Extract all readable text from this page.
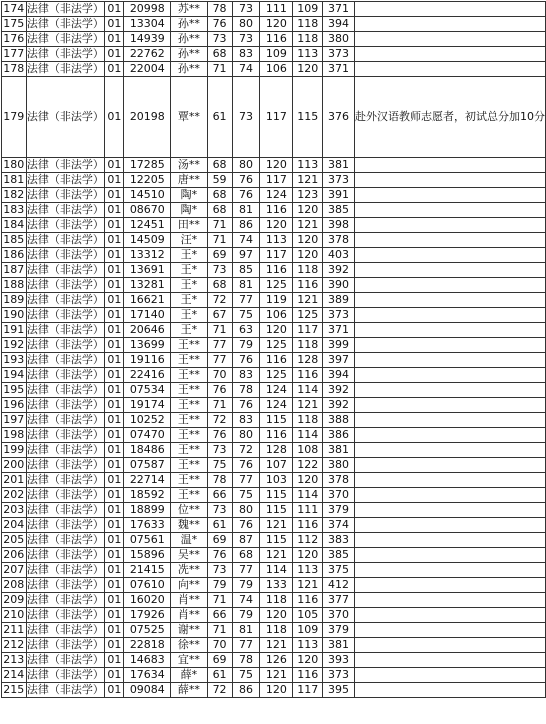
174	法律（非法学）	01	20998	苏**	78	73	111	109	371	
175	法律（非法学）	01	13304	孙**	76	80	120	118	394	
176	法律（非法学）	01	14939	孙**	73	73	116	118	380	
177	法律（非法学）	01	22762	孙**	68	83	109	113	373	
178	法律（非法学）	01	22004	孙**	71	74	106	120	371	
179	法律（非法学）	01	20198	覃**	61	73	117	115	376	赴外汉语教师志愿者，初试总分加10分
180	法律（非法学）	01	17285	汤**	68	80	120	113	381	
181	法律（非法学）	01	12205	唐**	59	76	117	121	373	
182	法律（非法学）	01	14510	陶*	68	76	124	123	391	
183	法律（非法学）	01	08670	陶*	68	81	116	120	385	
184	法律（非法学）	01	12451	田**	71	86	120	121	398	
185	法律（非法学）	01	14509	汪*	71	74	113	120	378	
186	法律（非法学）	01	13312	王*	69	97	117	120	403	
187	法律（非法学）	01	13691	王*	73	85	116	118	392	
188	法律（非法学）	01	13281	王*	68	81	125	116	390	
189	法律（非法学）	01	16621	王*	72	77	119	121	389	
190	法律（非法学）	01	17140	王*	67	75	106	125	373	
191	法律（非法学）	01	20646	王*	71	63	120	117	371	
192	法律（非法学）	01	13699	王**	77	79	125	118	399	
193	法律（非法学）	01	19116	王**	77	76	116	128	397	
194	法律（非法学）	01	22416	王**	70	83	125	116	394	
195	法律（非法学）	01	07534	王**	76	78	124	114	392	
196	法律（非法学）	01	19174	王**	71	76	124	121	392	
197	法律（非法学）	01	10252	王**	72	83	115	118	388	
198	法律（非法学）	01	07470	王**	76	80	116	114	386	
199	法律（非法学）	01	18486	王**	73	72	128	108	381	
200	法律（非法学）	01	07587	王**	75	76	107	122	380	
201	法律（非法学）	01	22714	王**	78	77	103	120	378	
202	法律（非法学）	01	18592	王**	66	75	115	114	370	
203	法律（非法学）	01	18899	位**	73	80	115	111	379	
204	法律（非法学）	01	17633	魏**	61	76	121	116	374	
205	法律（非法学）	01	07561	温*	69	87	115	112	383	
206	法律（非法学）	01	15896	吴**	76	68	121	120	385	
207	法律（非法学）	01	21415	冼**	73	77	114	113	375	
208	法律（非法学）	01	07610	向**	79	79	133	121	412	
209	法律（非法学）	01	16020	肖**	71	74	118	116	377	
210	法律（非法学）	01	17926	肖**	66	79	120	105	370	
211	法律（非法学）	01	07525	谢**	71	81	118	109	379	
212	法律（非法学）	01	22818	徐**	70	77	121	113	381	
213	法律（非法学）	01	14683	宜**	69	78	126	120	393	
214	法律（非法学）	01	17634	薛*	61	75	121	116	373	
215	法律（非法学）	01	09084	薛**	72	86	120	117	395	
